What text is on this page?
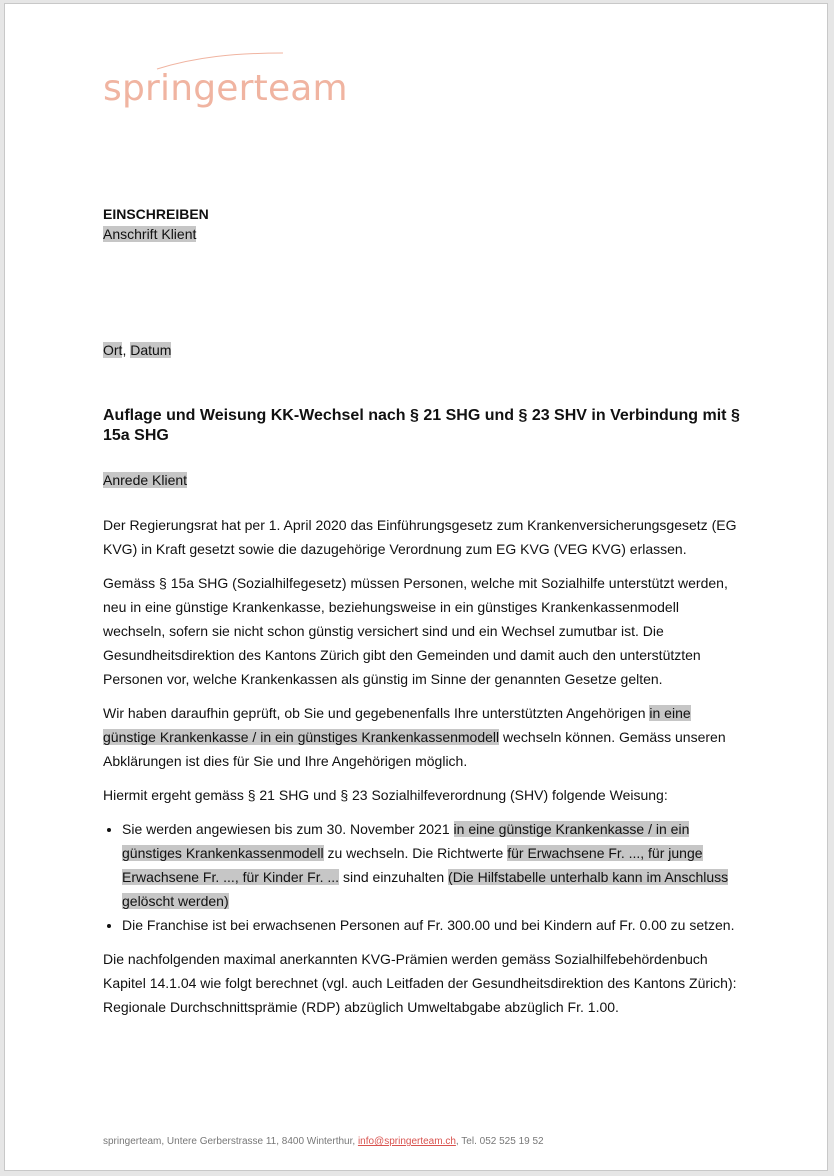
springerteam
EINSCHREIBEN
Anschrift Klient
Ort, Datum
Auflage und Weisung KK-Wechsel nach § 21 SHG und § 23 SHV in Verbindung mit § 15a SHG
Anrede Klient

Der Regierungsrat hat per 1. April 2020 das Einführungsgesetz zum Krankenversicherungsgesetz (EG KVG) in Kraft gesetzt sowie die dazugehörige Verordnung zum EG KVG (VEG KVG) erlassen.

Gemäss § 15a SHG (Sozialhilfegesetz) müssen Personen, welche mit Sozialhilfe unterstützt werden, neu in eine günstige Krankenkasse, beziehungsweise in ein günstiges Krankenkassenmodell wechseln, sofern sie nicht schon günstig versichert sind und ein Wechsel zumutbar ist. Die Gesundheitsdirektion des Kantons Zürich gibt den Gemeinden und damit auch den unterstützten Personen vor, welche Krankenkassen als günstig im Sinne der genannten Gesetze gelten.

Wir haben daraufhin geprüft, ob Sie und gegebenenfalls Ihre unterstützten Angehörigen in eine günstige Krankenkasse / in ein günstiges Krankenkassenmodell wechseln können. Gemäss unseren Abklärungen ist dies für Sie und Ihre Angehörigen möglich.

Hiermit ergeht gemäss § 21 SHG und § 23 Sozialhilfeverordnung (SHV) folgende Weisung:

• Sie werden angewiesen bis zum 30. November 2021 in eine günstige Krankenkasse / in ein günstiges Krankenkassenmodell zu wechseln. Die Richtwerte für Erwachsene Fr. ..., für junge Erwachsene Fr. ..., für Kinder Fr. ... sind einzuhalten (Die Hilfstabelle unterhalb kann im Anschluss gelöscht werden)
• Die Franchise ist bei erwachsenen Personen auf Fr. 300.00 und bei Kindern auf Fr. 0.00 zu setzen.

Die nachfolgenden maximal anerkannten KVG-Prämien werden gemäss Sozialhilfebehördenbuch Kapitel 14.1.04 wie folgt berechnet (vgl. auch Leitfaden der Gesundheitsdirektion des Kantons Zürich): Regionale Durchschnittsprämie (RDP) abzüglich Umweltabgabe abzüglich Fr. 1.00.

springerteam, Untere Gerberstrasse 11, 8400 Winterthur, info@springerteam.ch, Tel. 052 525 19 52
